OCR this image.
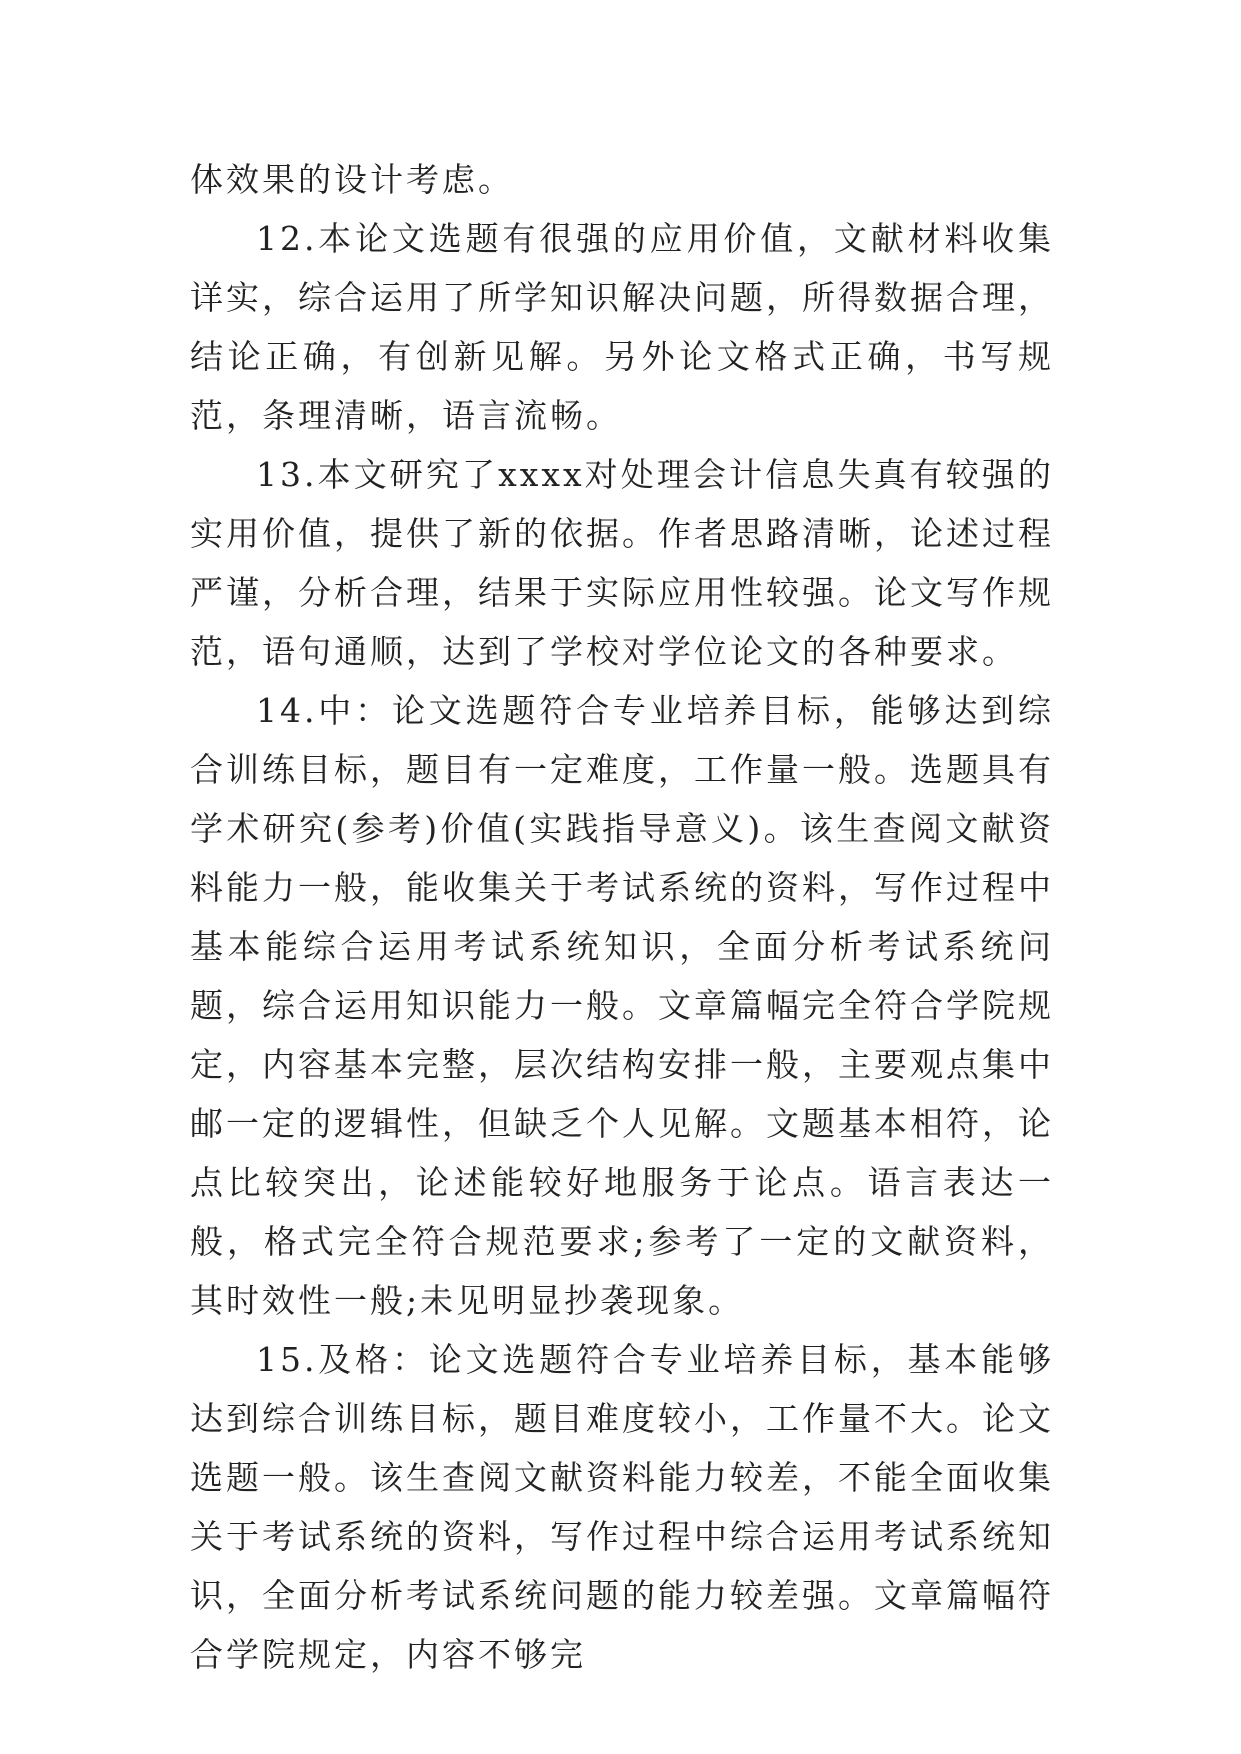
体效果的设计考虑。

12.本论文选题有很强的应用价值，文献材料收集详实，综合运用了所学知识解决问题，所得数据合理，结论正确，有创新见解。另外论文格式正确，书写规范，条理清晰，语言流畅。

13.本文研究了xxxx对处理会计信息失真有较强的实用价值，提供了新的依据。作者思路清晰，论述过程严谨，分析合理，结果于实际应用性较强。论文写作规范，语句通顺，达到了学校对学位论文的各种要求。

14.中：论文选题符合专业培养目标，能够达到综合训练目标，题目有一定难度，工作量一般。选题具有学术研究(参考)价值(实践指导意义)。该生查阅文献资料能力一般，能收集关于考试系统的资料，写作过程中基本能综合运用考试系统知识，全面分析考试系统问题，综合运用知识能力一般。文章篇幅完全符合学院规定，内容基本完整，层次结构安排一般，主要观点集中邮一定的逻辑性，但缺乏个人见解。文题基本相符，论点比较突出，论述能较好地服务于论点。语言表达一般，格式完全符合规范要求;参考了一定的文献资料，其时效性一般;未见明显抄袭现象。

15.及格：论文选题符合专业培养目标，基本能够达到综合训练目标，题目难度较小，工作量不大。论文选题一般。该生查阅文献资料能力较差，不能全面收集关于考试系统的资料，写作过程中综合运用考试系统知识，全面分析考试系统问题的能力较差强。文章篇幅符合学院规定，内容不够完
